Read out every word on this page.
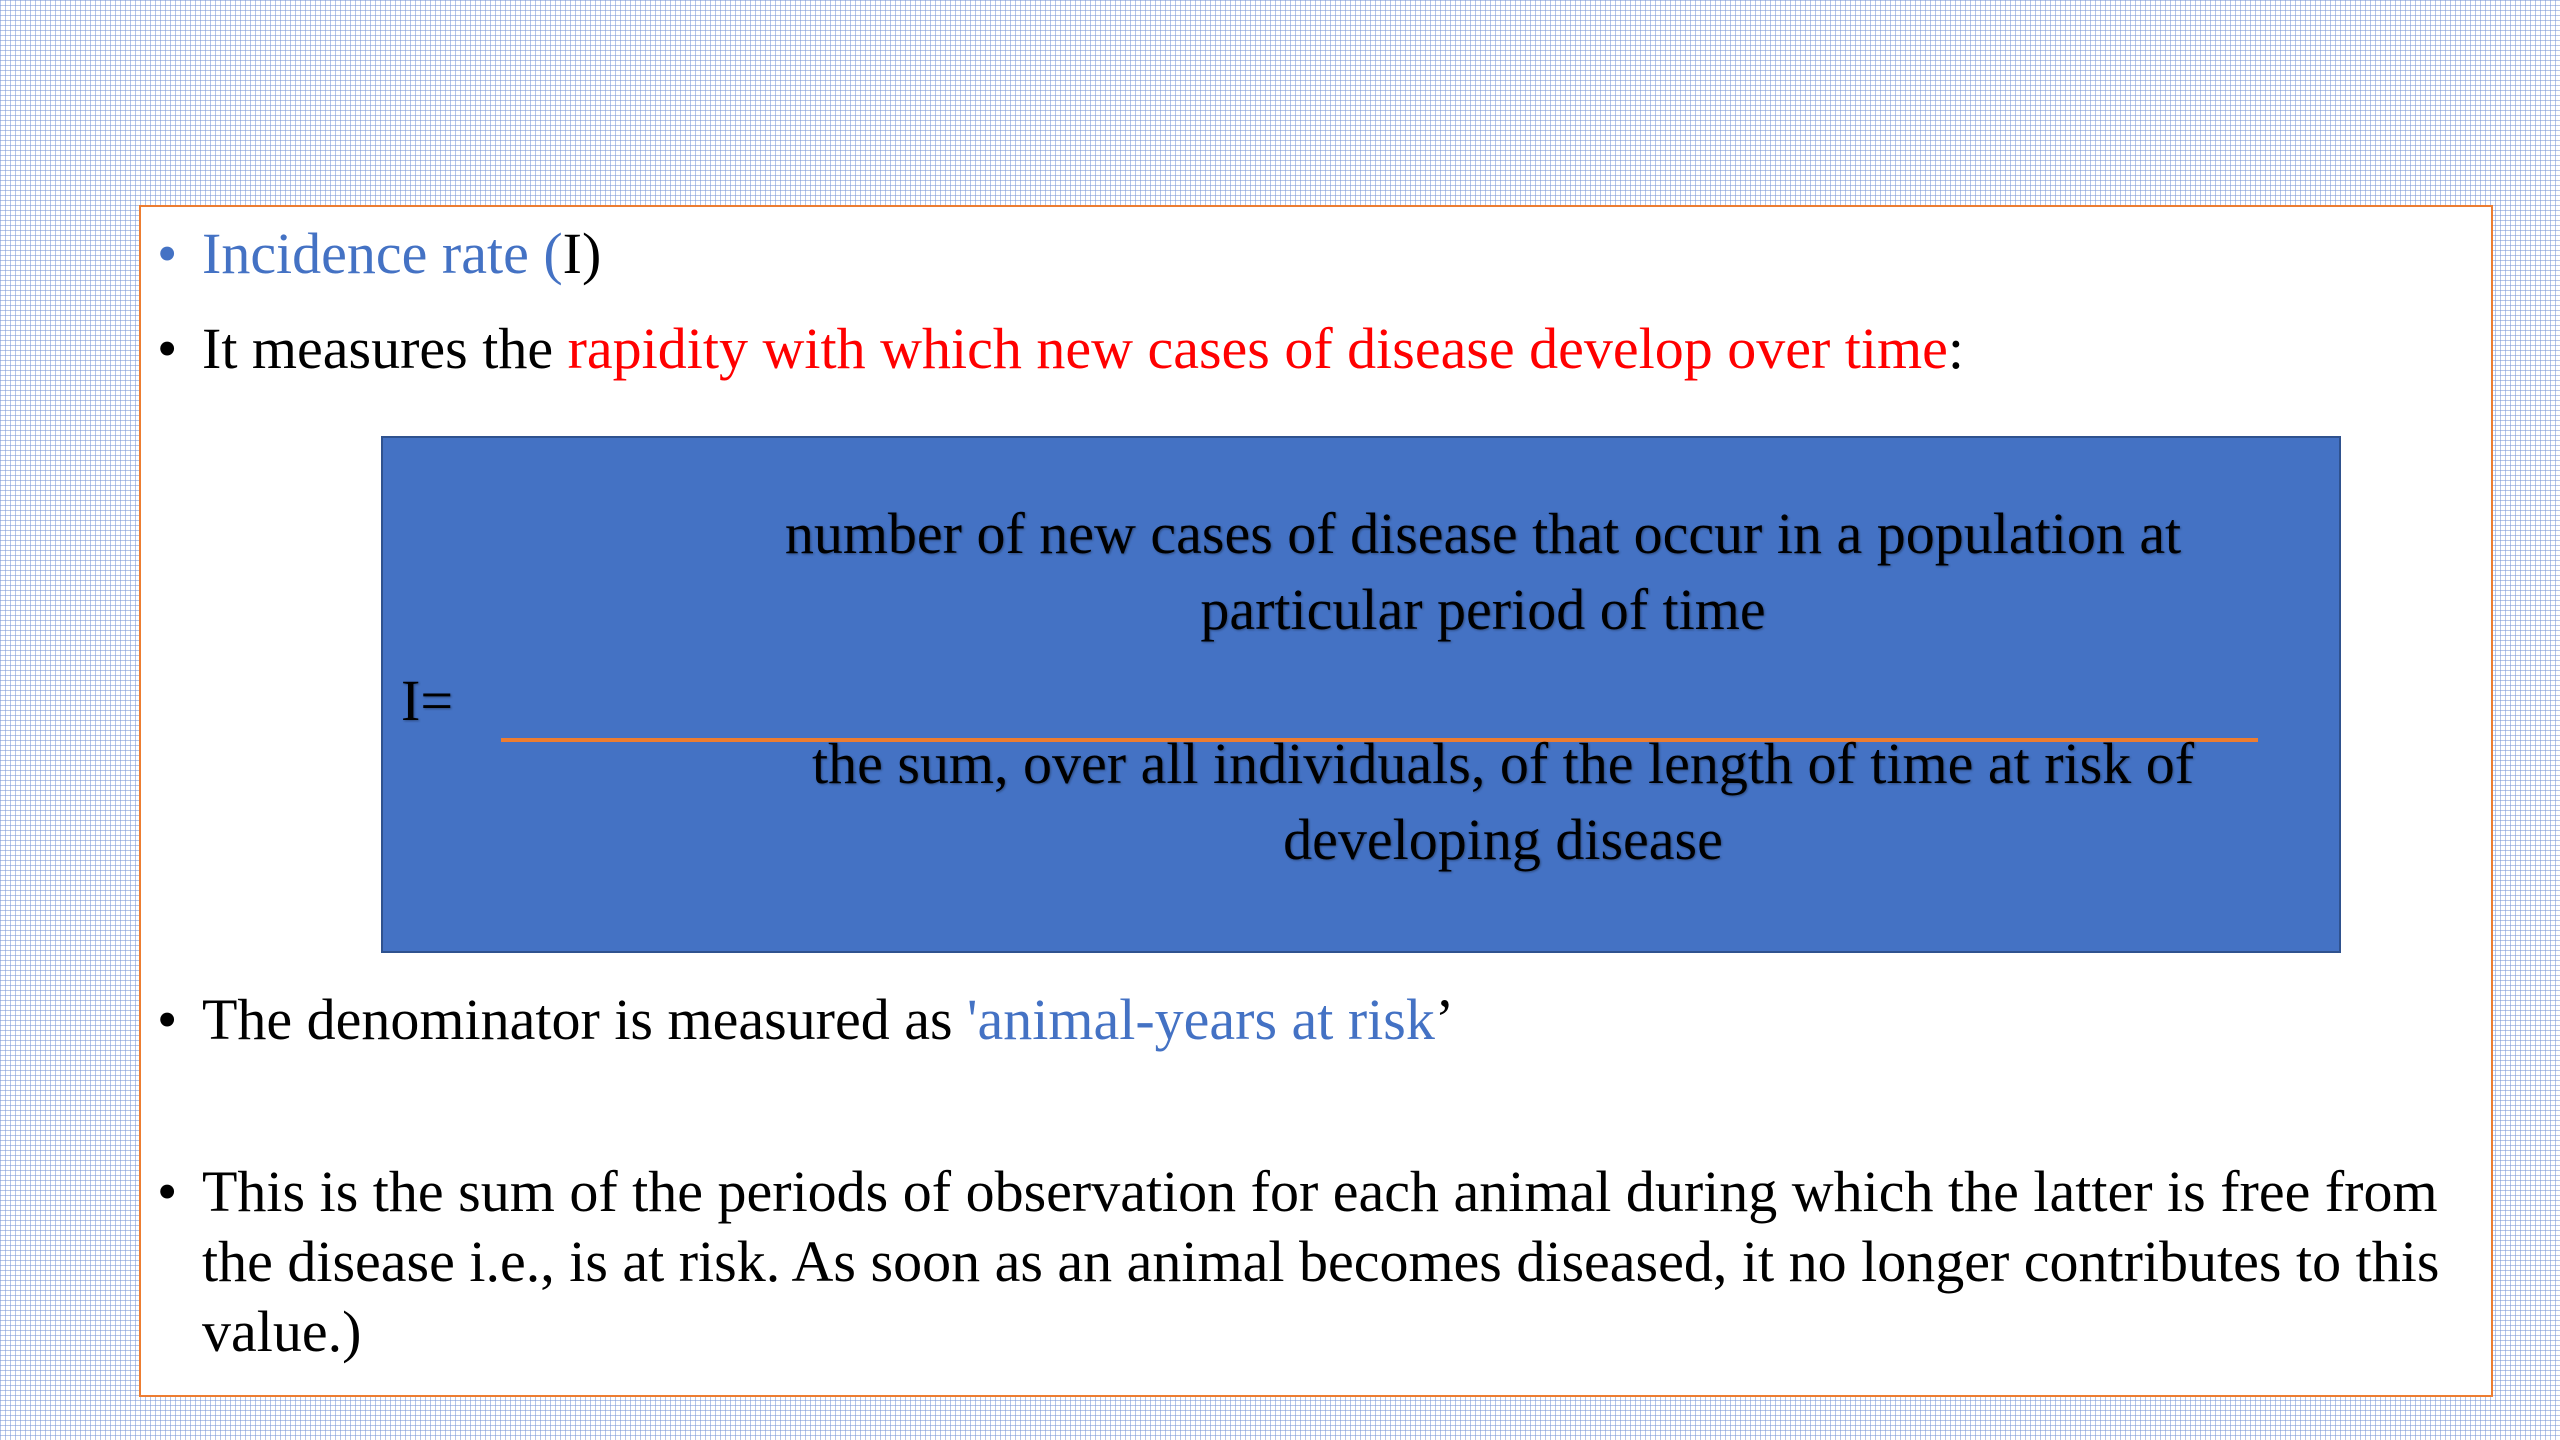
• Incidence rate (I)
• It measures the rapidity with which new cases of disease develop over time:
I=
number of new cases of disease that occur in a population at particular period of time
the sum, over all individuals, of the length of time at risk of developing disease
• The denominator is measured as 'animal-years at risk’
• This is the sum of the periods of observation for each animal during which the latter is free from the disease i.e., is at risk. As soon as an animal becomes diseased, it no longer contributes to this value.)
